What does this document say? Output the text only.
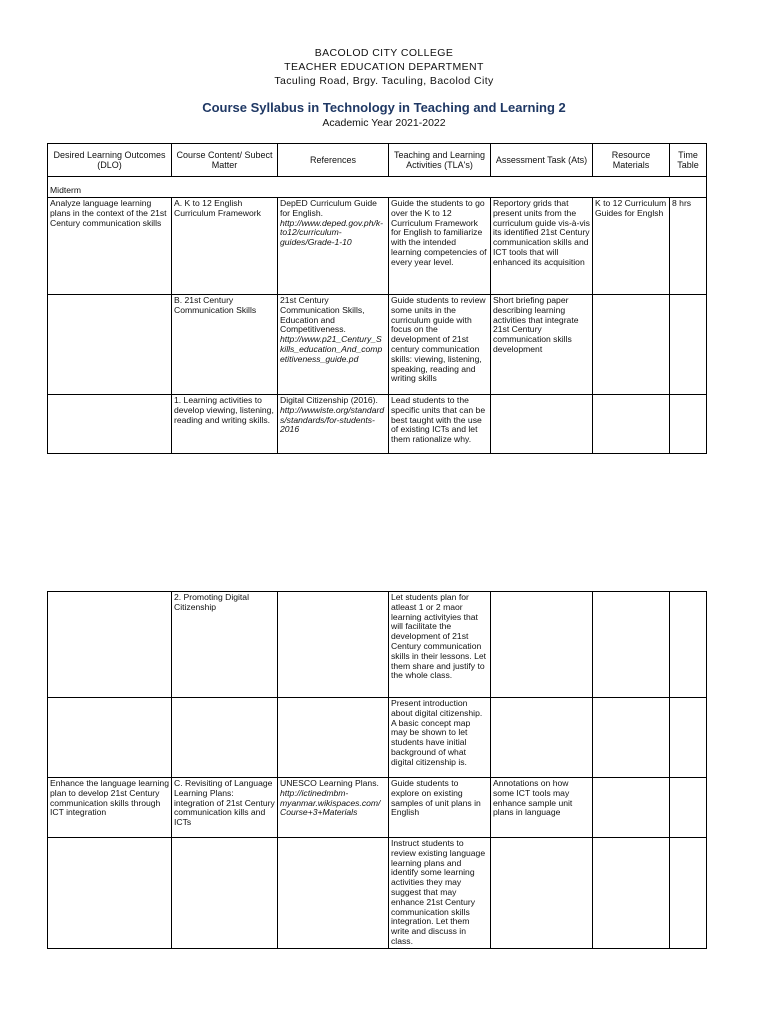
BACOLOD CITY COLLEGE
TEACHER EDUCATION DEPARTMENT
Taculing Road, Brgy. Taculing, Bacolod City
Course Syllabus in Technology in Teaching and Learning 2
Academic Year 2021-2022
Desired Learning Outcomes (DLO)	Course Content/ Subect Matter	References	Teaching and Learning Activities (TLA's)	Assessment Task (Ats)	Resource Materials	Time Table
Midterm						
Analyze language learning plans in the context of the 21st Century communication skills	A. K to 12 English Curriculum Framework	DepED Curriculum Guide for English. http://www.deped.gov.ph/k-to12/curriculum-guides/Grade-1-10	Guide the students to go over the K to 12 Curriculum Framework for English to familiarize with the intended learning competencies of every year level.	Reportory grids that present units from the curriculum guide vis-à-vis its identified 21st Century communication skills and ICT tools that will enhanced its acquisition	K to 12 Curriculum Guides for Englsh	8 hrs
	B. 21st Century Communication Skills	21st Century Communication Skills, Education and Competitiveness. http://www.p21_Century_Skills_education_And_competitiveness_guide.pd	Guide students to review some units in the curriculum guide with focus on the development of 21st century communication skills: viewing, listening, speaking, reading and writing skills	Short briefing paper describing learning activities that integrate 21st Century communication skills development		
	1. Learning activities to develop viewing, listening, reading and writing skills.	Digital Citizenship (2016). http://wwwiste.org/standards/standards/for-students-2016	Lead students to the specific units that can be best taught with the use of existing ICTs and let them rationalize why.			
	2. Promoting Digital Citizenship		Let students plan for atleast 1 or 2 maor learning activityies that will facilitate the development of 21st Century communication skills in their lessons. Let them share and justify to the whole class.			
			Present introduction about digital citizenship. A basic concept map may be shown to let students have initial background of what digital citizenship is.			
Enhance the language learning plan to develop 21st Century communication skills through ICT integration	C. Revisiting of Language Learning Plans: integration of 21st Century communication kills and ICTs	UNESCO Learning Plans. http://ictinedmbm-myanmar.wikispaces.com/Course+3+Materials	Guide students to explore on existing samples of unit plans in English	Annotations on how some ICT tools may enhance sample unit plans in language		
			Instruct students to review existing language learning plans and identify some learning activities they may suggest that may enhance 21st Century communication skills integration. Let them write and discuss in class.			
